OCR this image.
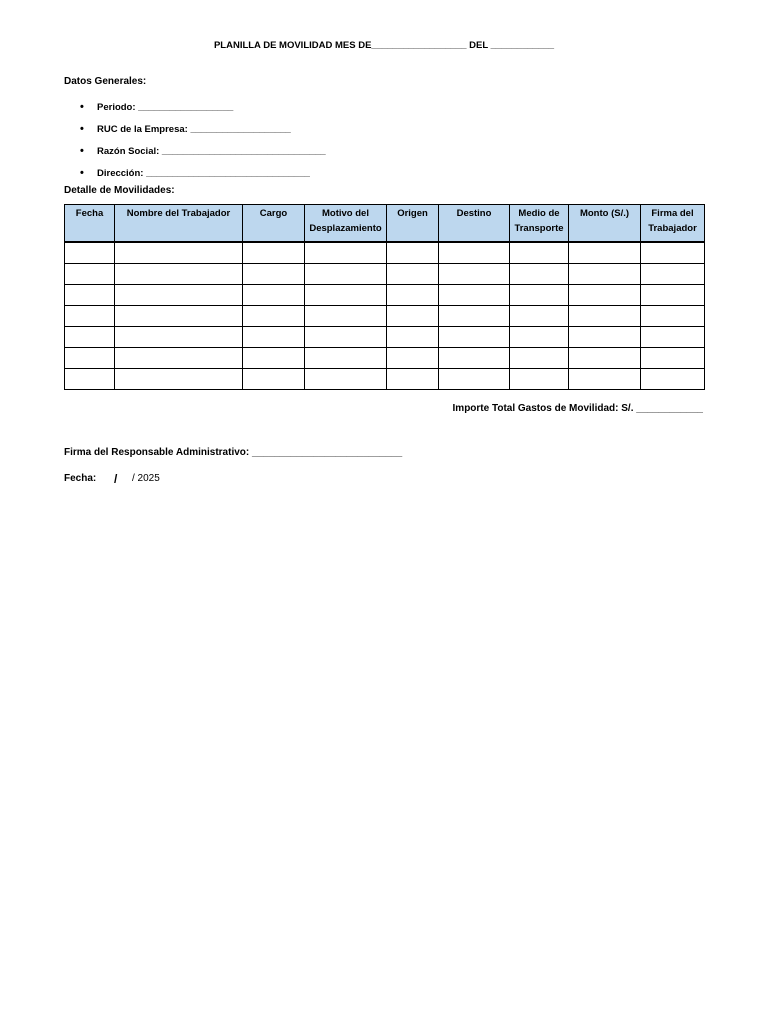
PLANILLA DE MOVILIDAD MES DE__________________ DEL ____________
Datos Generales:
•	Periodo: __________________
•	RUC de la Empresa: ___________________
•	Razón Social: _______________________________
•	Dirección: _______________________________
Detalle de Movilidades:
Fecha	Nombre del Trabajador	Cargo	Motivo del Desplazamiento	Origen	Destino	Medio de Transporte	Monto (S/.)	Firma del Trabajador

Importe Total Gastos de Movilidad: S/. ____________
Firma del Responsable Administrativo: ___________________________
Fecha: / / 2025
